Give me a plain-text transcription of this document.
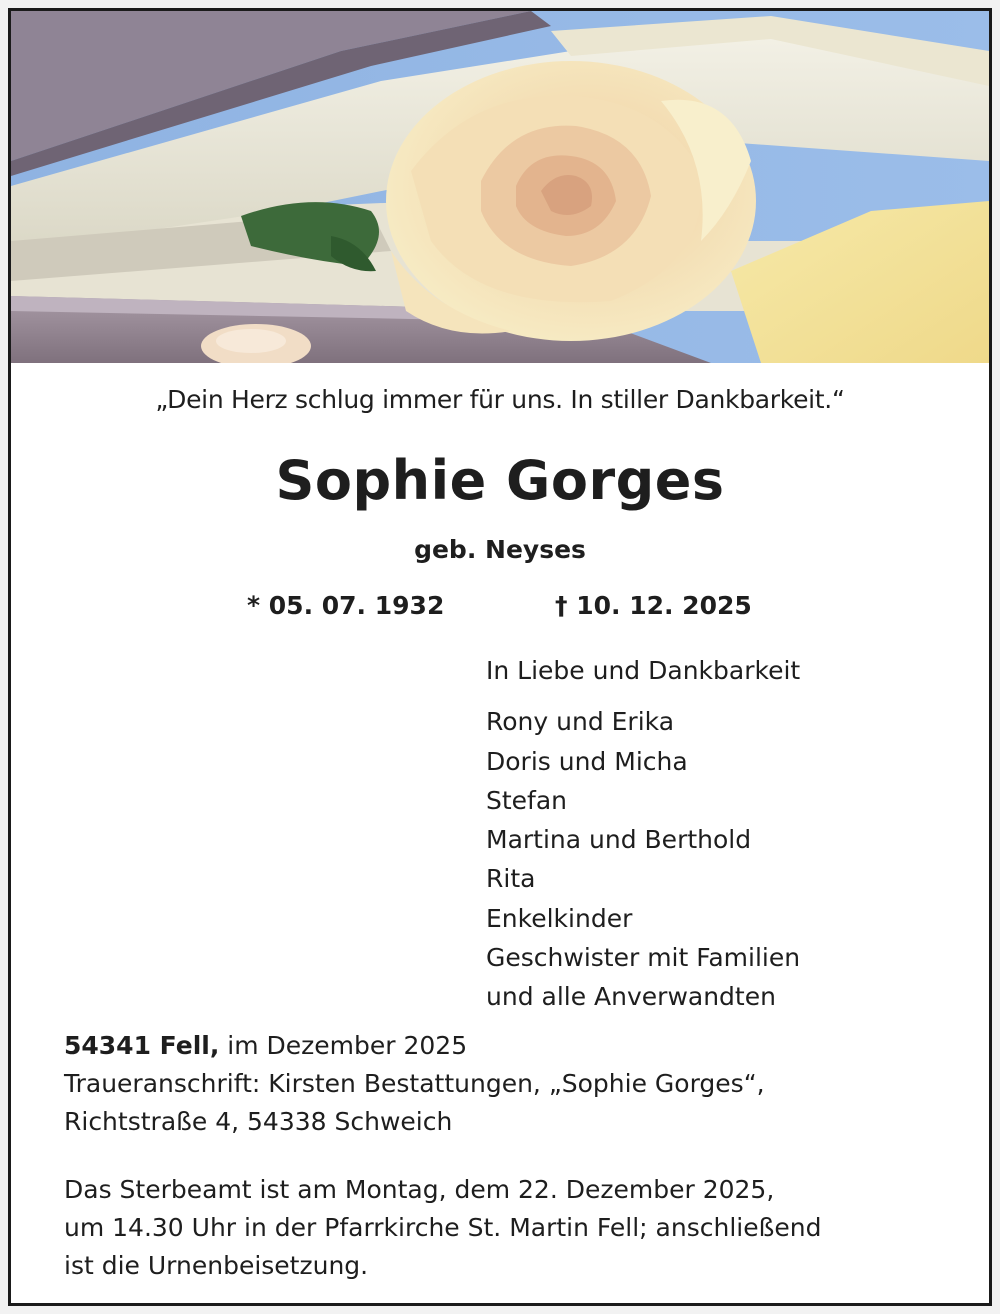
„Dein Herz schlug immer für uns. In stiller Dankbarkeit.“
Sophie Gorges
geb. Neyses
* 05. 07. 1932	† 10. 12. 2025
In Liebe und Dankbarkeit
Rony und Erika
Doris und Micha
Stefan
Martina und Berthold
Rita
Enkelkinder
Geschwister mit Familien
und alle Anverwandten
54341 Fell, im Dezember 2025
Traueranschrift: Kirsten Bestattungen, „Sophie Gorges“,
Richtstraße 4, 54338 Schweich
Das Sterbeamt ist am Montag, dem 22. Dezember 2025,
um 14.30 Uhr in der Pfarrkirche St. Martin Fell; anschließend
ist die Urnenbeisetzung.
